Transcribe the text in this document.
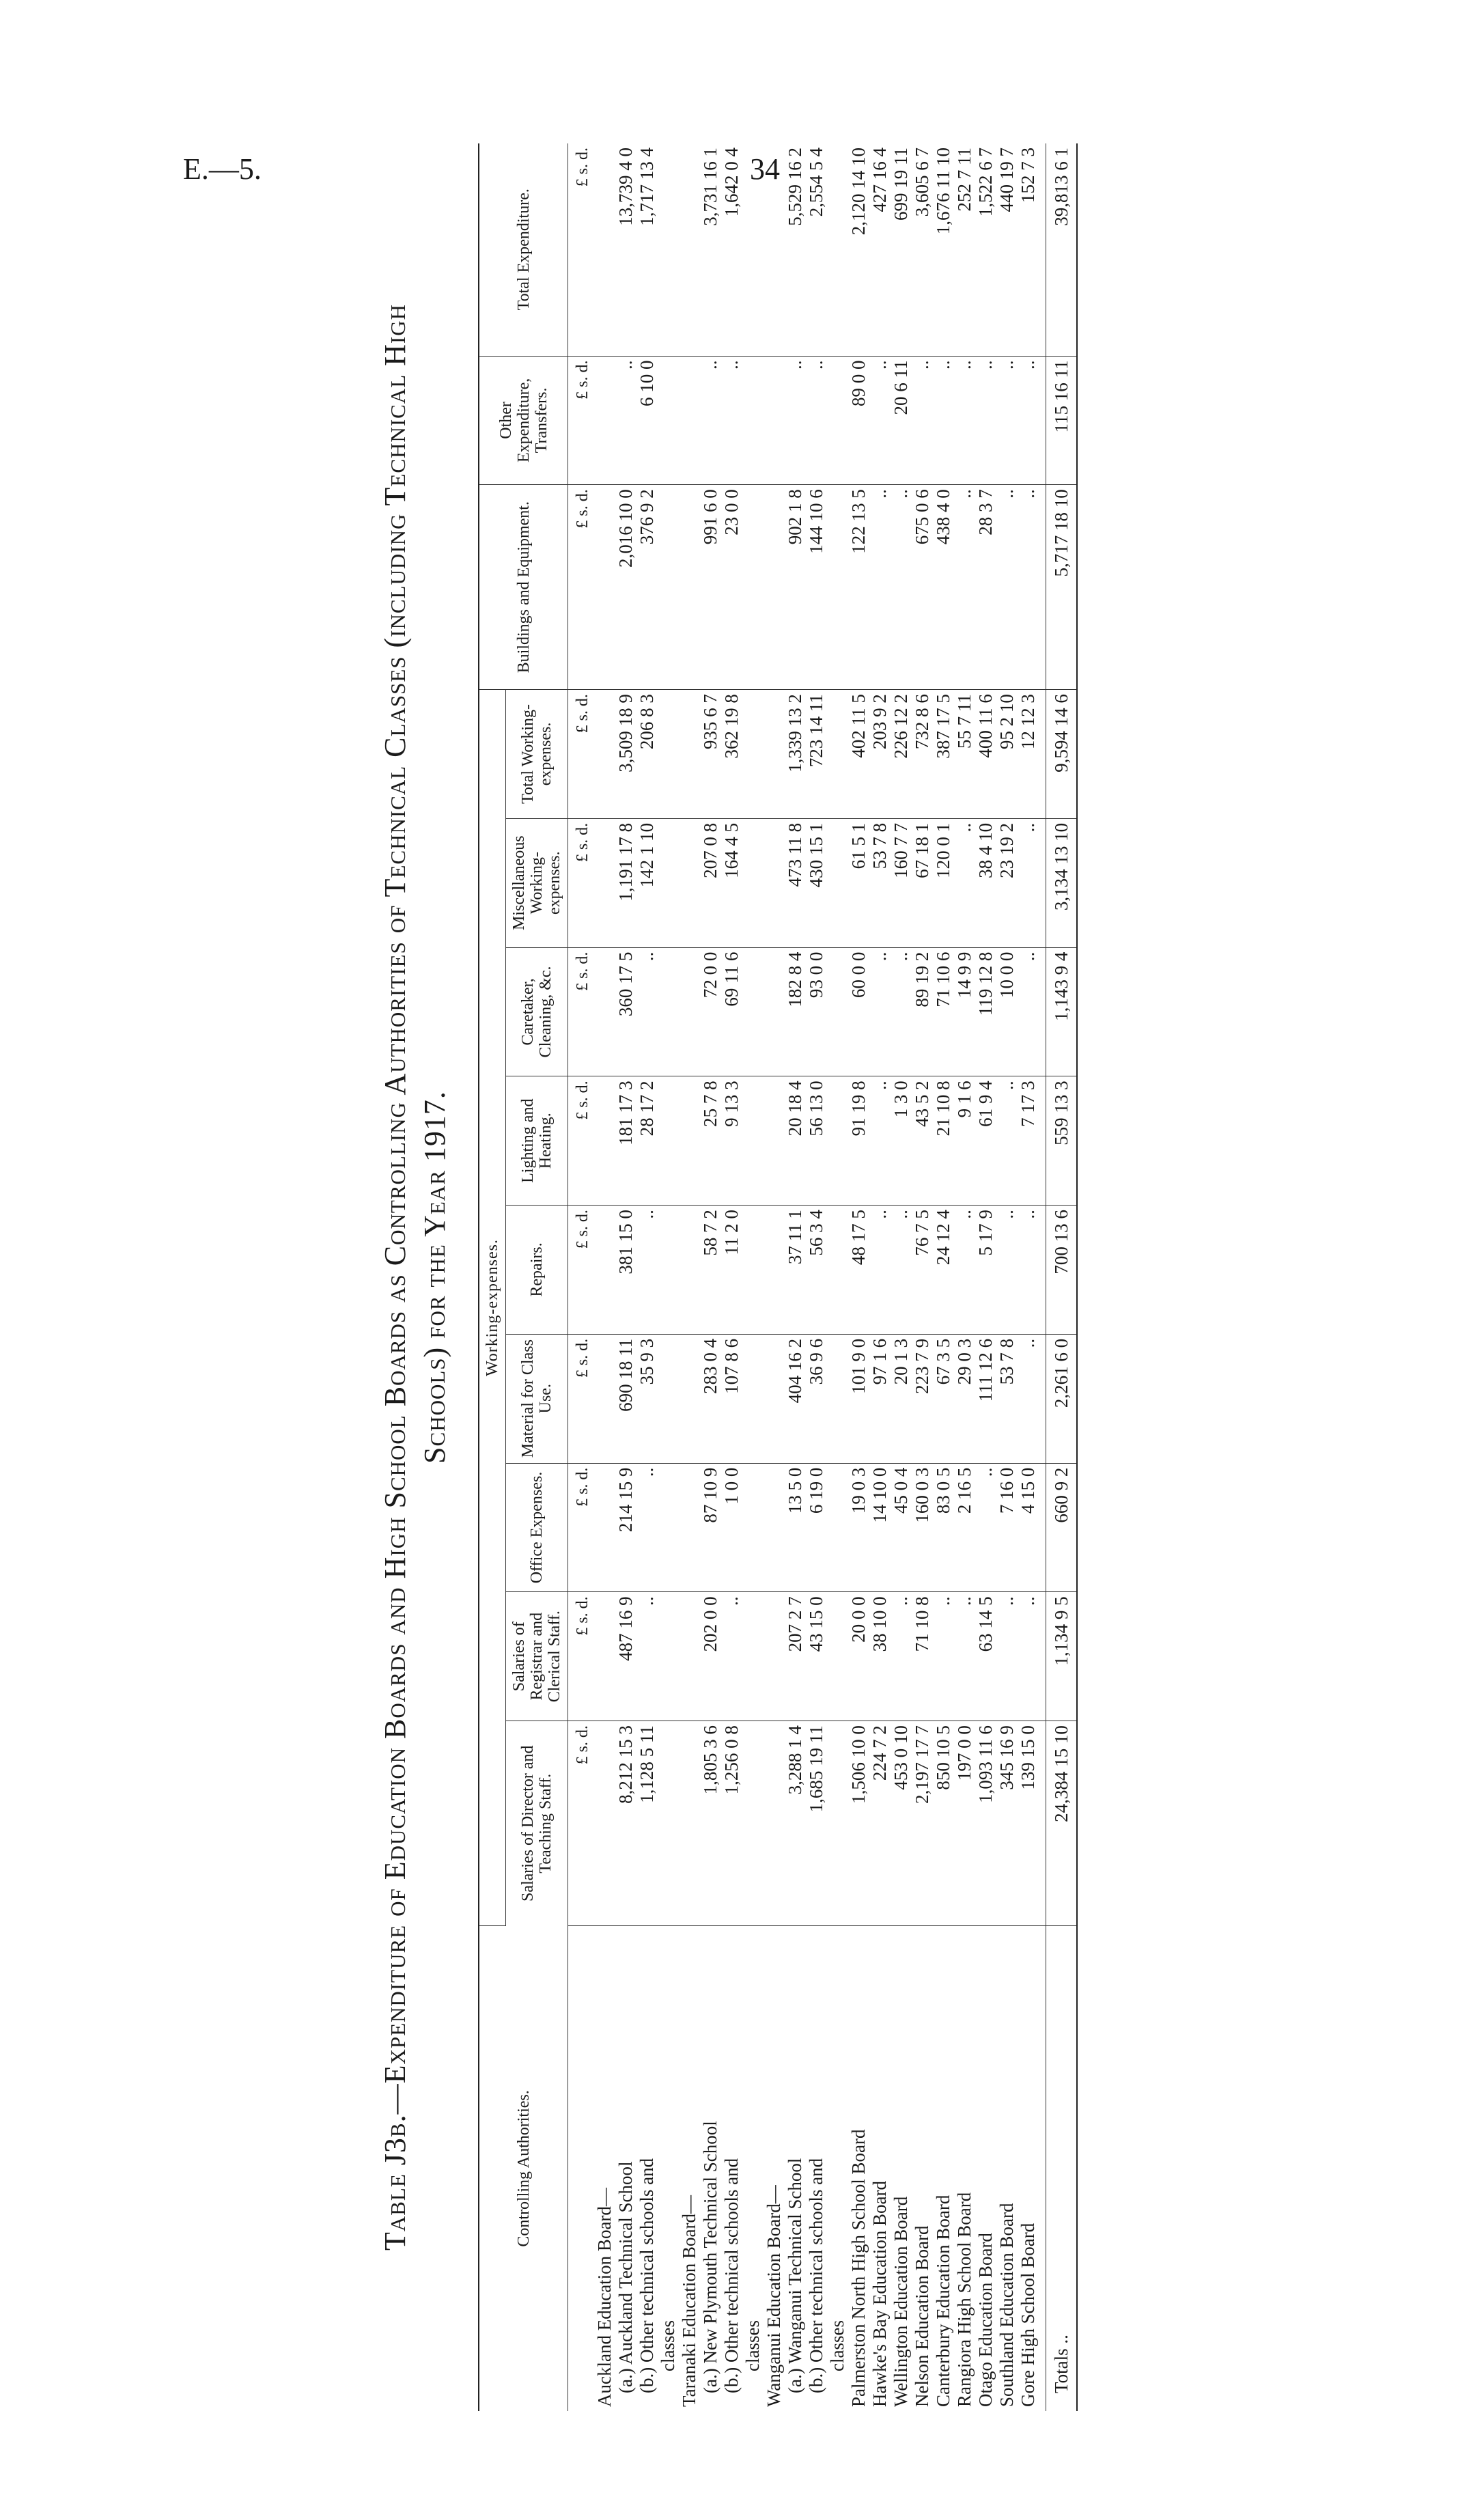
E.—5.	34
Table J3b.—Expenditure of Education Boards and High School Boards as Controlling Authorities of Technical Classes (including Technical High Schools) for the Year 1917.
Controlling Authorities.	Working-expenses.									Buildings and Equipment.	Other Expenditure, Transfers.	Total Expenditure.
	Salaries of Director and Teaching Staff.	Salaries of Registrar and Clerical Staff.	Office Expenses.	Material for Class Use.	Repairs.	Lighting and Heating.	Caretaker, Cleaning, &c.	Miscellaneous Working-expenses.	Total Working-expenses.			
	£ s. d.	£ s. d.	£ s. d.	£ s. d.	£ s. d.	£ s. d.	£ s. d.	£ s. d.	£ s. d.	£ s. d.	£ s. d.	£ s. d.
Auckland Education Board—												
(a.) Auckland Technical School	8,212 15 3	487 16 9	214 15 9	690 18 11	381 15 0	181 17 3	360 17 5	1,191 17 8	3,509 18 9	2,016 10 0	..	13,739 4 0
(b.) Other technical schools and	1,128 5 11	..	..	35 9 3	..	28 17 2	..	142 1 10	206 8 3	376 9 2	6 10 0	1,717 13 4
classes												
Taranaki Education Board—												
(a.) New Plymouth Technical School	1,805 3 6	202 0 0	87 10 9	283 0 4	58 7 2	25 7 8	72 0 0	207 0 8	935 6 7	991 6 0	..	3,731 16 1
(b.) Other technical schools and	1,256 0 8	..	1 0 0	107 8 6	11 2 0	9 13 3	69 11 6	164 4 5	362 19 8	23 0 0	..	1,642 0 4
classes												
Wanganui Education Board—												
(a.) Wanganui Technical School	3,288 1 4	207 2 7	13 5 0	404 16 2	37 11 1	20 18 4	182 8 4	473 11 8	1,339 13 2	902 1 8	..	5,529 16 2
(b.) Other technical schools and	1,685 19 11	43 15 0	6 19 0	36 9 6	56 3 4	56 13 0	93 0 0	430 15 1	723 14 11	144 10 6	..	2,554 5 4
classes												
Palmerston North High School Board	1,506 10 0	20 0 0	19 0 3	101 9 0	48 17 5	91 19 8	60 0 0	61 5 1	402 11 5	122 13 5	89 0 0	2,120 14 10
Hawke's Bay Education Board	224 7 2	38 10 0	14 10 0	97 1 6	..	..	..	53 7 8	203 9 2	..	..	427 16 4
Wellington Education Board	453 0 10	..	45 0 4	20 1 3	..	1 3 0	..	160 7 7	226 12 2	..	20 6 11	699 19 11
Nelson Education Board	2,197 17 7	71 10 8	160 0 3	223 7 9	76 7 5	43 5 2	89 19 2	67 18 1	732 8 6	675 0 6	..	3,605 6 7
Canterbury Education Board	850 10 5	..	83 0 5	67 3 5	24 12 4	21 10 8	71 10 6	120 0 1	387 17 5	438 4 0	..	1,676 11 10
Rangiora High School Board	197 0 0	..	2 16 5	29 0 3	..	9 1 6	14 9 9	..	55 7 11	..	..	252 7 11
Otago Education Board	1,093 11 6	63 14 5	..	111 12 6	5 17 9	61 9 4	119 12 8	38 4 10	400 11 6	28 3 7	..	1,522 6 7
Southland Education Board	345 16 9	..	7 16 0	53 7 8	..	..	10 0 0	23 19 2	95 2 10	..	..	440 19 7
Gore High School Board	139 15 0	..	4 15 0	..	..	7 17 3	..	..	12 12 3	..	..	152 7 3

Totals ..	24,384 15 10	1,134 9 5	660 9 2	2,261 6 0	700 13 6	559 13 3	1,143 9 4	3,134 13 10	9,594 14 6	5,717 18 10	115 16 11	39,813 6 1
